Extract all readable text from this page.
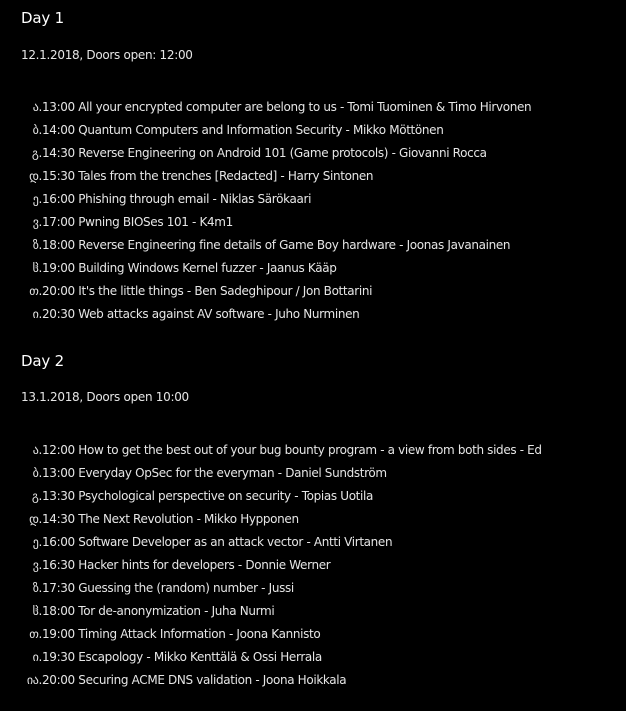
Day 1
12.1.2018, Doors open: 12:00
ა. 13:00 All your encrypted computer are belong to us - Tomi Tuominen & Timo Hirvonen
ბ. 14:00 Quantum Computers and Information Security - Mikko Möttönen
გ. 14:30 Reverse Engineering on Android 101 (Game protocols) - Giovanni Rocca
დ. 15:30 Tales from the trenches [Redacted] - Harry Sintonen
ე. 16:00 Phishing through email - Niklas Särökaari
ვ. 17:00 Pwning BIOSes 101 - K4m1
ზ. 18:00 Reverse Engineering fine details of Game Boy hardware - Joonas Javanainen
ჱ. 19:00 Building Windows Kernel fuzzer - Jaanus Kääp
თ. 20:00 It's the little things - Ben Sadeghipour / Jon Bottarini
ი. 20:30 Web attacks against AV software - Juho Nurminen
Day 2
13.1.2018, Doors open 10:00
ა. 12:00 How to get the best out of your bug bounty program - a view from both sides - Ed
ბ. 13:00 Everyday OpSec for the everyman - Daniel Sundström
გ. 13:30 Psychological perspective on security - Topias Uotila
დ. 14:30 The Next Revolution - Mikko Hypponen
ე. 16:00 Software Developer as an attack vector - Antti Virtanen
ვ. 16:30 Hacker hints for developers - Donnie Werner
ზ. 17:30 Guessing the (random) number - Jussi
ჱ. 18:00 Tor de-anonymization - Juha Nurmi
თ. 19:00 Timing Attack Information - Joona Kannisto
ი. 19:30 Escapology - Mikko Kenttälä & Ossi Herrala
ია. 20:00 Securing ACME DNS validation - Joona Hoikkala
